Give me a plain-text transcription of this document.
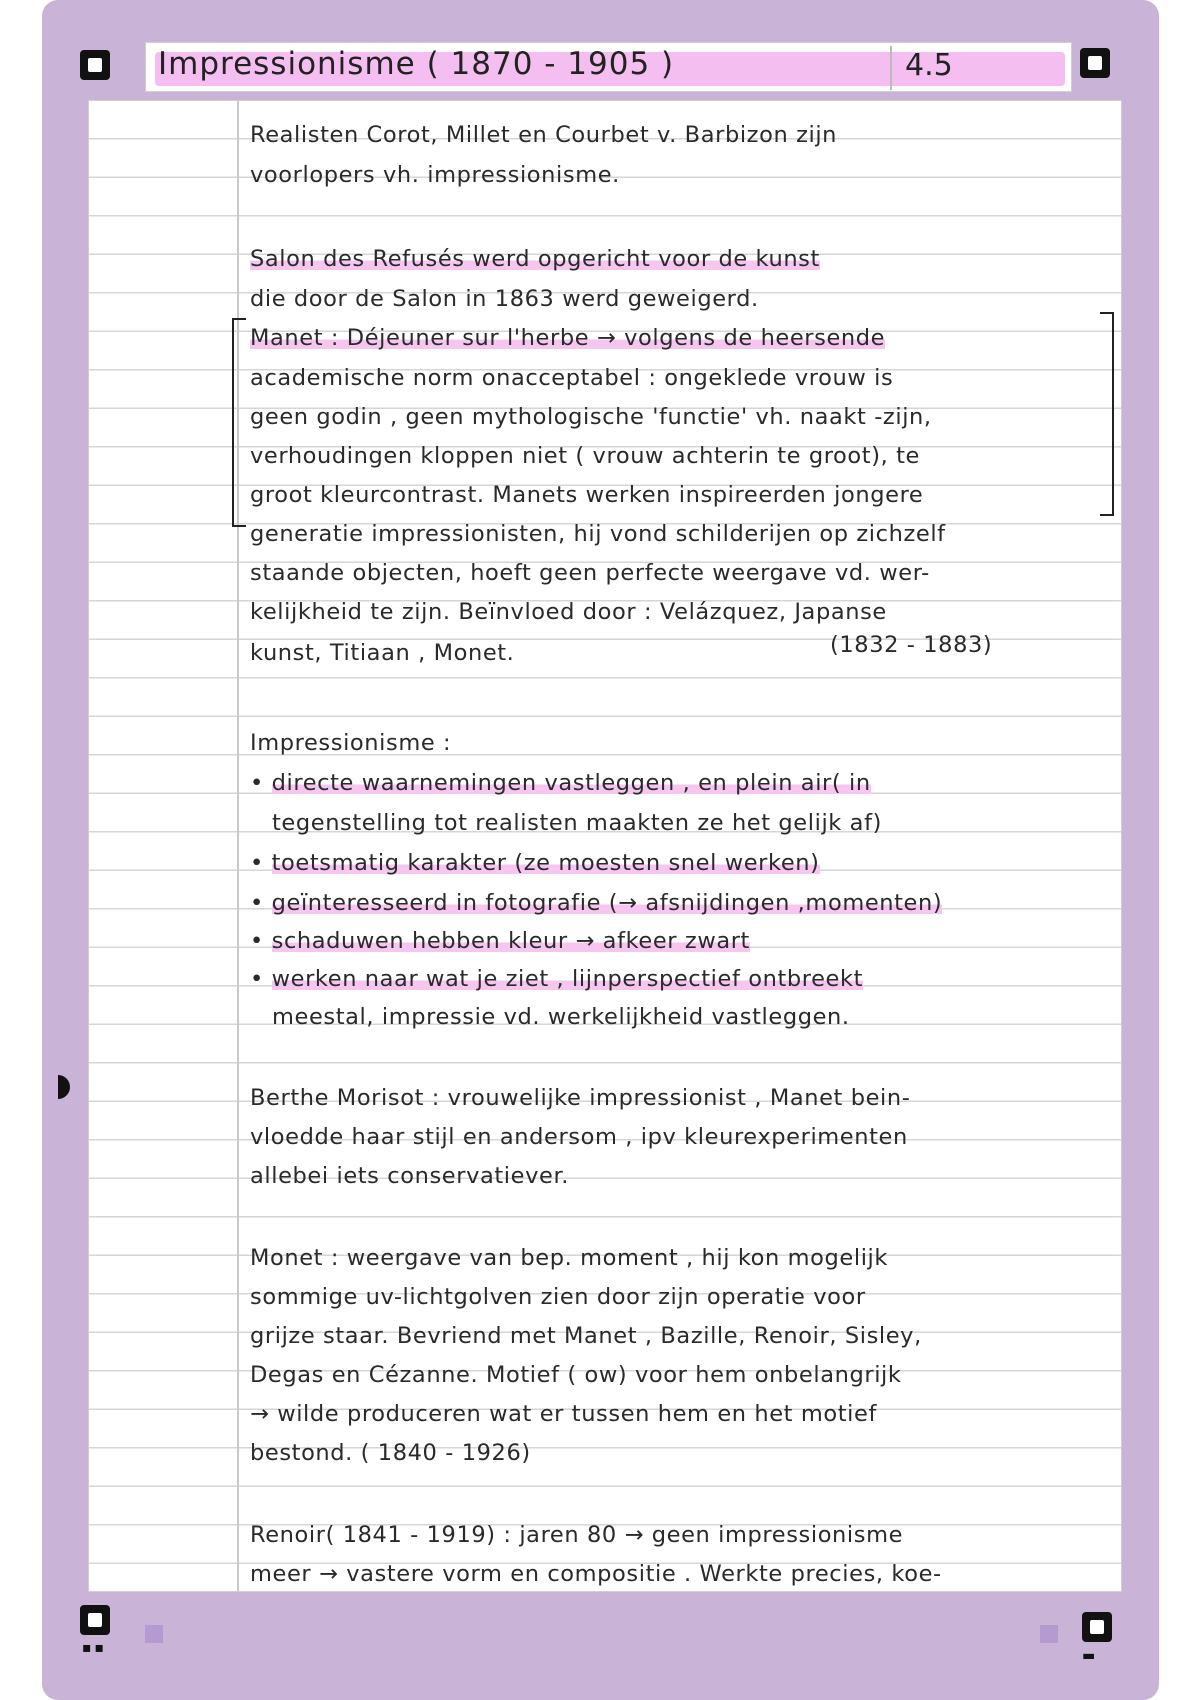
Impressionisme ( 1870 - 1905 )	4.5
▪▪	▬
Realisten Corot, Millet en Courbet v. Barbizon zijn
voorlopers vh. impressionisme.
Salon des Refusés werd opgericht voor de kunst
die door de Salon in 1863 werd geweigerd.
Manet : Déjeuner sur l'herbe → volgens de heersende
academische norm onacceptabel : ongeklede vrouw is
geen godin , geen mythologische 'functie' vh. naakt -zijn,
verhoudingen kloppen niet ( vrouw achterin te groot), te
groot kleurcontrast. Manets werken inspireerden jongere
generatie impressionisten, hij vond schilderijen op zichzelf
staande objecten, hoeft geen perfecte weergave vd. wer-
kelijkheid te zijn. Beïnvloed door : Velázquez, Japanse
kunst, Titiaan , Monet.	(1832 - 1883)
Impressionisme :
• directe waarnemingen vastleggen , en plein air( in
tegenstelling tot realisten maakten ze het gelijk af)
• toetsmatig karakter (ze moesten snel werken)
• geïnteresseerd in fotografie (→ afsnijdingen ,momenten)
• schaduwen hebben kleur → afkeer zwart
• werken naar wat je ziet , lijnperspectief ontbreekt
meestal, impressie vd. werkelijkheid vastleggen.
Berthe Morisot : vrouwelijke impressionist , Manet bein-
vloedde haar stijl en andersom , ipv kleurexperimenten
allebei iets conservatiever.
Monet : weergave van bep. moment , hij kon mogelijk
sommige uv-lichtgolven zien door zijn operatie voor
grijze staar. Bevriend met Manet , Bazille, Renoir, Sisley,
Degas en Cézanne. Motief ( ow) voor hem onbelangrijk
→ wilde produceren wat er tussen hem en het motief
bestond. ( 1840 - 1926)
Renoir( 1841 - 1919) : jaren 80 → geen impressionisme
meer → vastere vorm en compositie . Werkte precies, koe-
